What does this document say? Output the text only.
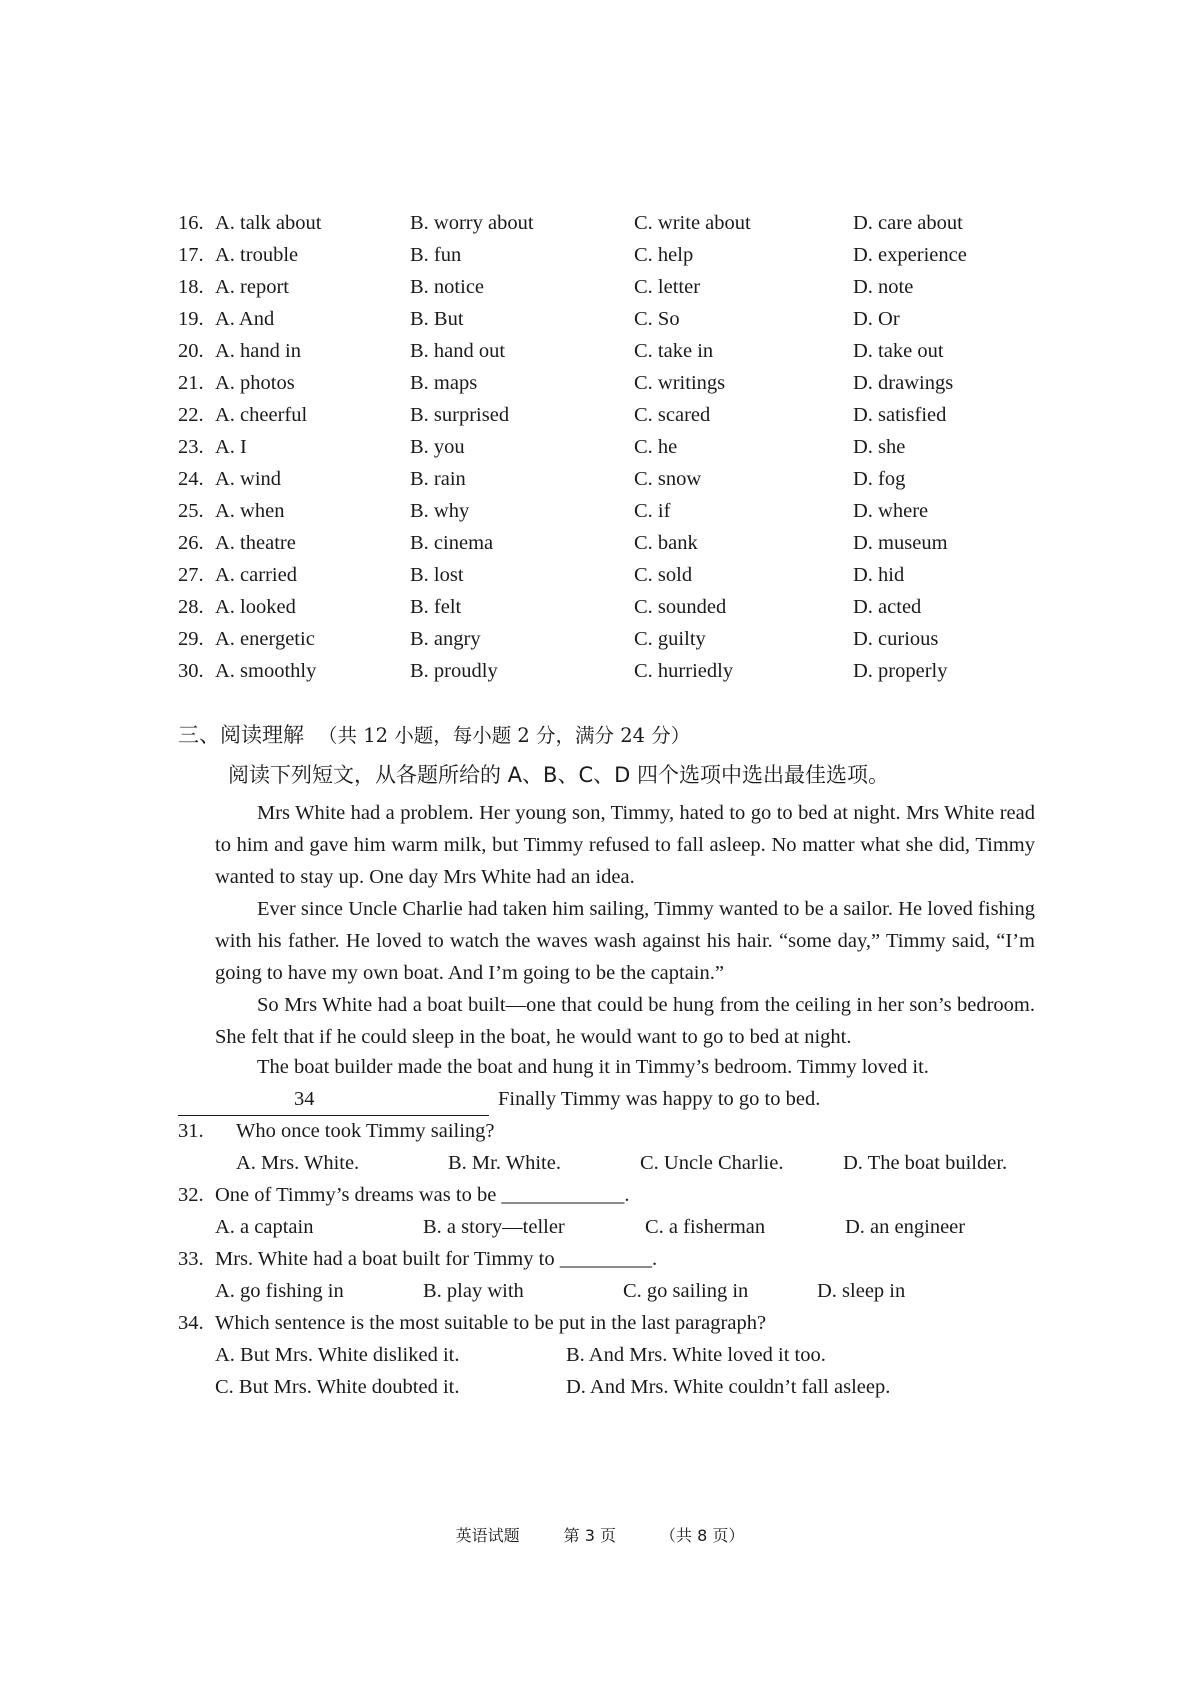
16. A. talk about	B. worry about	C. write about	D. care about
17. A. trouble	B. fun	C. help	D. experience
18. A. report	B. notice	C. letter	D. note
19. A. And	B. But	C. So	D. Or
20. A. hand in	B. hand out	C. take in	D. take out
21. A. photos	B. maps	C. writings	D. drawings
22. A. cheerful	B. surprised	C. scared	D. satisfied
23. A. I	B. you	C. he	D. she
24. A. wind	B. rain	C. snow	D. fog
25. A. when	B. why	C. if	D. where
26. A. theatre	B. cinema	C. bank	D. museum
27. A. carried	B. lost	C. sold	D. hid
28. A. looked	B. felt	C. sounded	D. acted
29. A. energetic	B. angry	C. guilty	D. curious
30. A. smoothly	B. proudly	C. hurriedly	D. properly
三、阅读理解 （共 12 小题，每小题 2 分，满分 24 分）
阅读下列短文，从各题所给的 A、B、C、D 四个选项中选出最佳选项。
Mrs White had a problem. Her young son, Timmy, hated to go to bed at night. Mrs White read to him and gave him warm milk, but Timmy refused to fall asleep. No matter what she did, Timmy wanted to stay up. One day Mrs White had an idea.
Ever since Uncle Charlie had taken him sailing, Timmy wanted to be a sailor. He loved fishing with his father. He loved to watch the waves wash against his hair. “some day,” Timmy said, “I’m going to have my own boat. And I’m going to be the captain.”
So Mrs White had a boat built—one that could be hung from the ceiling in her son’s bedroom. She felt that if he could sleep in the boat, he would want to go to bed at night.
The boat builder made the boat and hung it in Timmy’s bedroom. Timmy loved it.
34	Finally Timmy was happy to go to bed.
31. Who once took Timmy sailing?
A. Mrs. White.	B. Mr. White.	C. Uncle Charlie.	D. The boat builder.
32. One of Timmy’s dreams was to be ____________.
A. a captain	B. a story—teller	C. a fisherman	D. an engineer
33. Mrs. White had a boat built for Timmy to _________.
A. go fishing in	B. play with	C. go sailing in	D. sleep in
34. Which sentence is the most suitable to be put in the last paragraph?
A. But Mrs. White disliked it.	B. And Mrs. White loved it too.
C. But Mrs. White doubted it.	D. And Mrs. White couldn’t fall asleep.
英语试题	第 3 页	（共 8 页）
